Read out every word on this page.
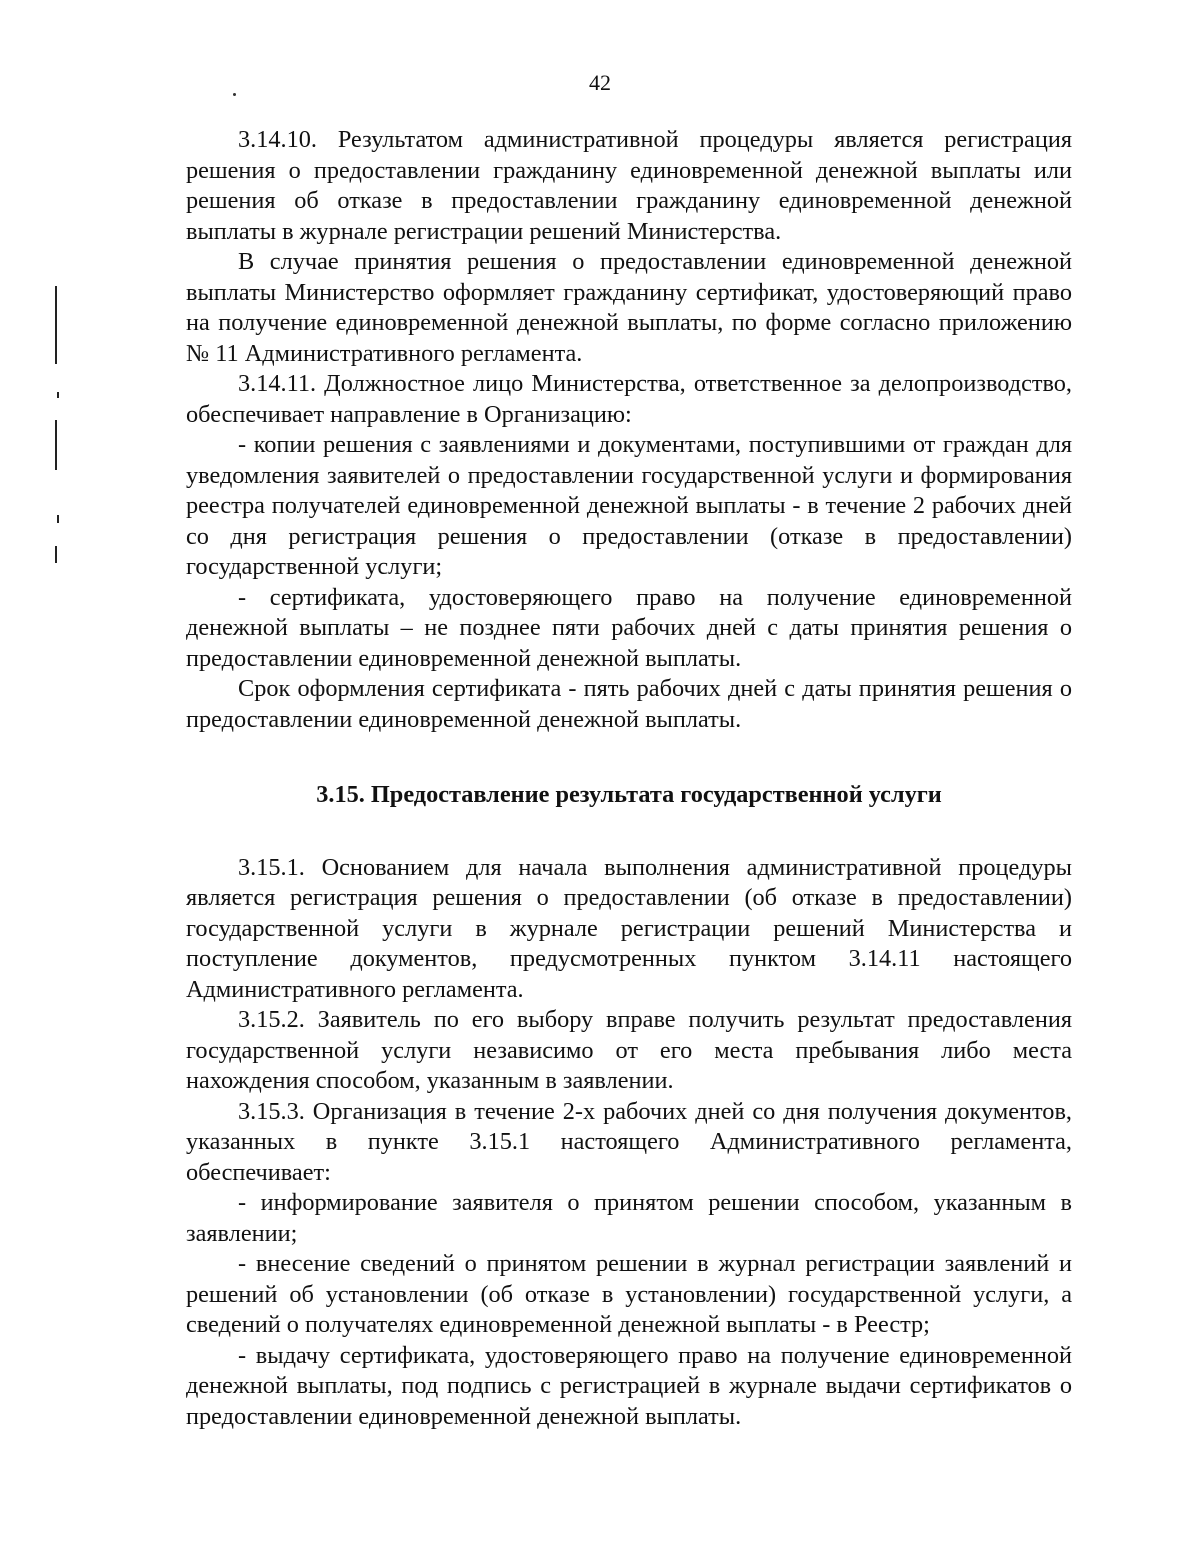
42

3.14.10. Результатом административной процедуры является регистрация решения о предоставлении гражданину единовременной денежной выплаты или решения об отказе в предоставлении гражданину единовременной денежной выплаты в журнале регистрации решений Министерства.

В случае принятия решения о предоставлении единовременной денежной выплаты Министерство оформляет гражданину сертификат, удостоверяющий право на получение единовременной денежной выплаты, по форме согласно приложению № 11 Административного регламента.

3.14.11. Должностное лицо Министерства, ответственное за делопроизводство, обеспечивает направление в Организацию:

- копии решения с заявлениями и документами, поступившими от граждан для уведомления заявителей о предоставлении государственной услуги и формирования реестра получателей единовременной денежной выплаты - в течение 2 рабочих дней со дня регистрация решения о предоставлении (отказе в предоставлении) государственной услуги;

- сертификата, удостоверяющего право на получение единовременной денежной выплаты – не позднее пяти рабочих дней с даты принятия решения о предоставлении единовременной денежной выплаты.

Срок оформления сертификата - пять рабочих дней с даты принятия решения о предоставлении единовременной денежной выплаты.

3.15. Предоставление результата государственной услуги

3.15.1. Основанием для начала выполнения административной процедуры является регистрация решения о предоставлении (об отказе в предоставлении) государственной услуги в журнале регистрации решений Министерства и поступление документов, предусмотренных пунктом 3.14.11 настоящего Административного регламента.

3.15.2. Заявитель по его выбору вправе получить результат предоставления государственной услуги независимо от его места пребывания либо места нахождения способом, указанным в заявлении.

3.15.3. Организация в течение 2-х рабочих дней со дня получения документов, указанных в пункте 3.15.1 настоящего Административного регламента, обеспечивает:

- информирование заявителя о принятом решении способом, указанным в заявлении;

- внесение сведений о принятом решении в журнал регистрации заявлений и решений об установлении (об отказе в установлении) государственной услуги, а сведений о получателях единовременной денежной выплаты - в Реестр;

- выдачу сертификата, удостоверяющего право на получение единовременной денежной выплаты, под подпись с регистрацией в журнале выдачи сертификатов о предоставлении единовременной денежной выплаты.
